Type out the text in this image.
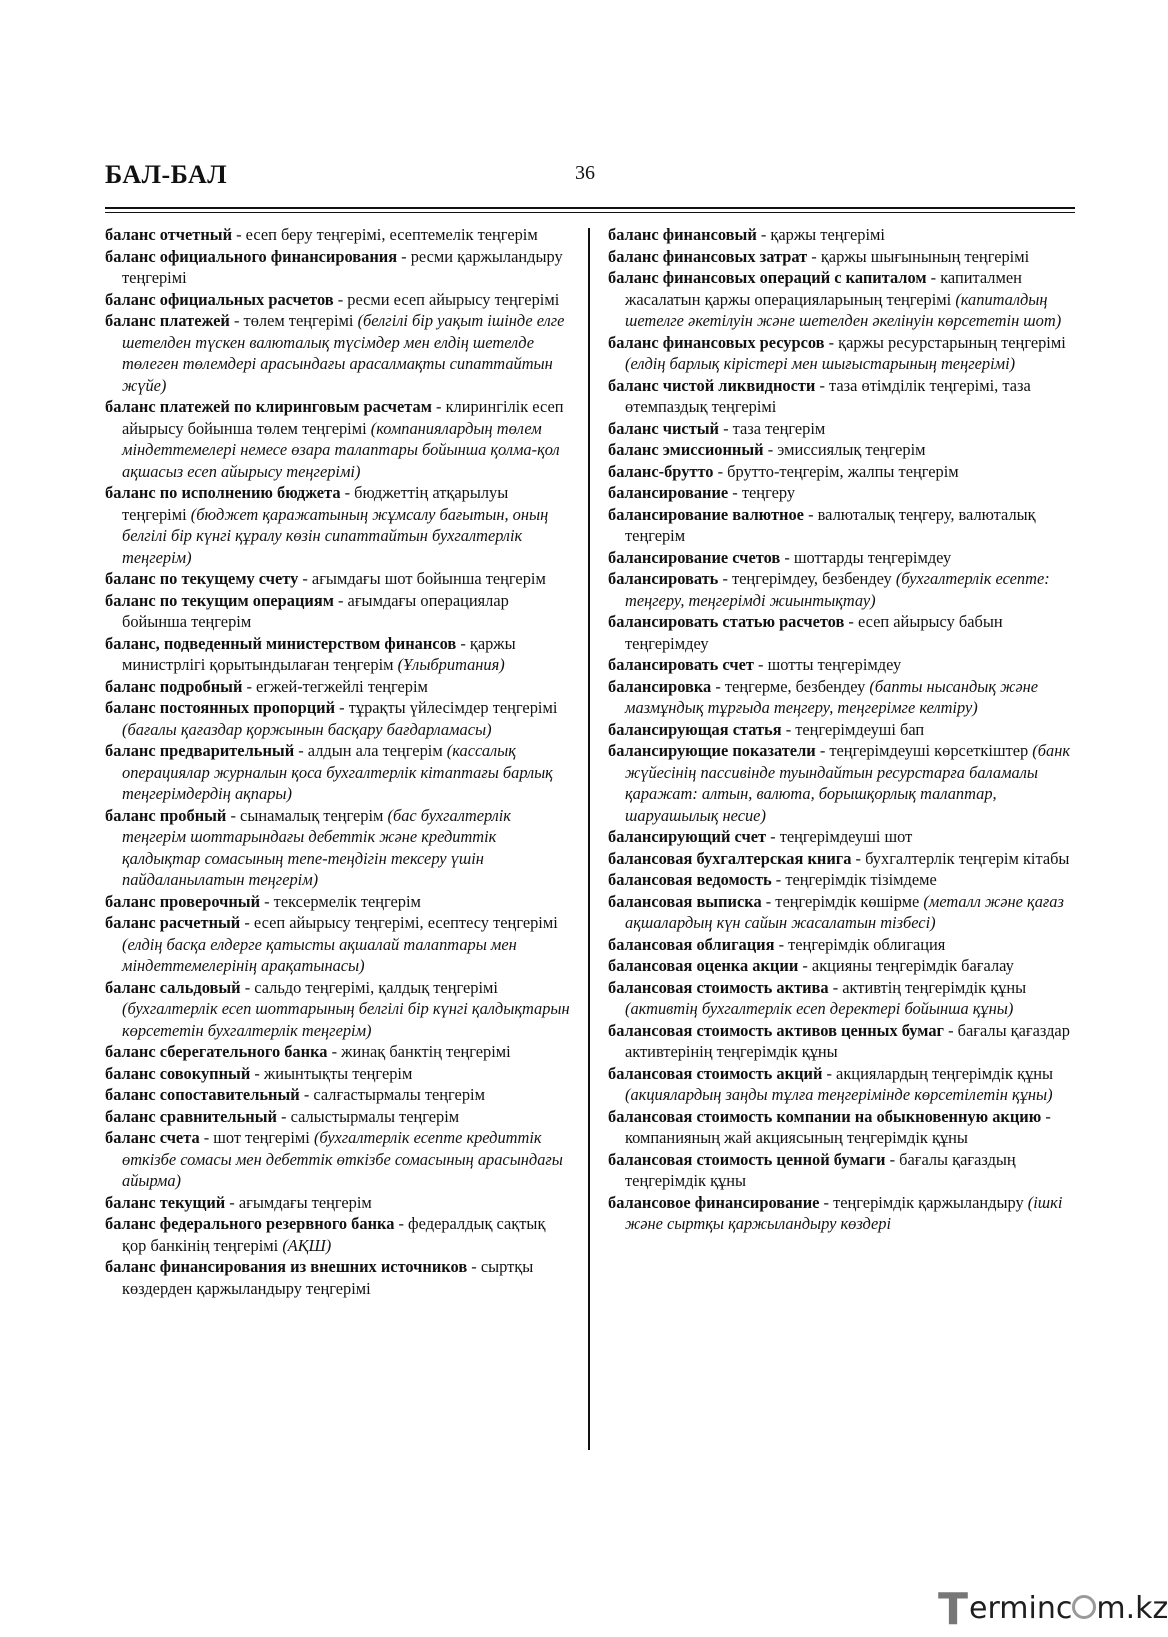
БАЛ-БАЛ	36

баланс отчетный - есеп беру теңгерімі, есептемелік теңгерім

баланс официального финансирования - ресми қаржыландыру теңгерімі

баланс официальных расчетов - ресми есеп айырысу теңгерімі

баланс платежей - төлем теңгерімі (белгілі бір уақыт ішінде елге шетелден түскен валюталық түсімдер мен елдің шетелде төлеген төлемдері арасындағы арасалмақты сипаттайтын жүйе)

баланс платежей по клиринговым расчетам - клирингілік есеп айырысу бойынша төлем теңгерімі (компаниялардың төлем міндеттемелері немесе өзара талаптары бойынша қолма-қол ақшасыз есеп айырысу теңгерімі)

баланс по исполнению бюджета - бюджеттің атқарылуы теңгерімі (бюджет қаражатының жұмсалу бағытын, оның белгілі бір күнгі құралу көзін сипаттайтын бухгалтерлік теңгерім)

баланс по текущему счету - ағымдағы шот бойынша теңгерім

баланс по текущим операциям - ағымдағы операциялар бойынша теңгерім

баланс, подведенный министерством финансов - қаржы министрлігі қорытындылаған теңгерім (Ұлыбритания)

баланс подробный - егжей-тегжейлі теңгерім

баланс постоянных пропорций - тұрақты үйлесімдер теңгерімі (бағалы қағаздар қоржынын басқару бағдарламасы)

баланс предварительный - алдын ала теңгерім (кассалық операциялар журналын қоса бухгалтерлік кітаптағы барлық теңгерімдердің ақпары)

баланс пробный - сынамалық теңгерім (бас бухгалтерлік теңгерім шоттарындағы дебеттік және кредиттік қалдықтар сомасының тепе-теңдігін тексеру үшін пайдаланылатын теңгерім)

баланс проверочный - тексермелік теңгерім

баланс расчетный - есеп айырысу теңгерімі, есептесу теңгерімі (елдің басқа елдерге қатысты ақшалай талаптары мен міндеттемелерінің арақатынасы)

баланс сальдовый - сальдо теңгерімі, қалдық теңгерімі (бухгалтерлік есеп шоттарының белгілі бір күнгі қалдықтарын көрсететін бухгалтерлік теңгерім)

баланс сберегательного банка - жинақ банктің теңгерімі

баланс совокупный - жиынтықты теңгерім

баланс сопоставительный - салғастырмалы теңгерім

баланс сравнительный - салыстырмалы теңгерім

баланс счета - шот теңгерімі (бухгалтерлік есепте кредиттік өткізбе сомасы мен дебеттік өткізбе сомасының арасындағы айырма)

баланс текущий - ағымдағы теңгерім

баланс федерального резервного банка - федералдық сақтық қор банкінің теңгерімі (АҚШ)

баланс финансирования из внешних источников - сыртқы көздерден қаржыландыру теңгерімі

баланс финансовый - қаржы теңгерімі

баланс финансовых затрат - қаржы шығынының теңгерімі

баланс финансовых операций с капиталом - капиталмен жасалатын қаржы операцияларының теңгерімі (капиталдың шетелге әкетілуін және шетелден әкелінуін көрсететін шот)

баланс финансовых ресурсов - қаржы ресурстарының теңгерімі (елдің барлық кірістері мен шығыстарының теңгерімі)

баланс чистой ликвидности - таза өтімділік теңгерімі, таза өтемпаздық теңгерімі

баланс чистый - таза теңгерім

баланс эмиссионный - эмиссиялық теңгерім

баланс-брутто - брутто-теңгерім, жалпы теңгерім

балансирование - теңгеру

балансирование валютное - валюталық теңгеру, валюталық теңгерім

балансирование счетов - шоттарды теңгерімдеу

балансировать - теңгерімдеу, безбендеу (бухгалтерлік есепте: теңгеру, теңгерімді жиынтықтау)

балансировать статью расчетов - есеп айырысу бабын теңгерімдеу

балансировать счет - шотты теңгерімдеу

балансировка - теңгерме, безбендеу (бапты нысандық және мазмұндық тұрғыда теңгеру, теңгерімге келтіру)

балансирующая статья - теңгерімдеуші бап

балансирующие показатели - теңгерімдеуші көрсеткіштер (банк жүйесінің пассивінде туындайтын ресурстарға баламалы қаражат: алтын, валюта, борышқорлық талаптар, шаруашылық несие)

балансирующий счет - теңгерімдеуші шот

балансовая бухгалтерская книга - бухгалтерлік теңгерім кітабы

балансовая ведомость - теңгерімдік тізімдеме

балансовая выписка - теңгерімдік көшірме (металл және қағаз ақшалардың күн сайын жасалатын тізбесі)

балансовая облигация - теңгерімдік облигация

балансовая оценка акции - акцияны теңгерімдік бағалау

балансовая стоимость актива - активтің теңгерімдік құны (активтің бухгалтерлік есеп деректері бойынша құны)

балансовая стоимость активов ценных бумаг - бағалы қағаздар активтерінің теңгерімдік құны

балансовая стоимость акций - акциялардың теңгерімдік құны (акциялардың заңды тұлға теңгерімінде көрсетілетін құны)

балансовая стоимость компании на обыкновенную акцию - компанияның жай акциясының теңгерімдік құны

балансовая стоимость ценной бумаги - бағалы қағаздың теңгерімдік құны

балансовое финансирование - теңгерімдік қаржыландыру (ішкі және сыртқы қаржыландыру көздері

Terminc m.kz
